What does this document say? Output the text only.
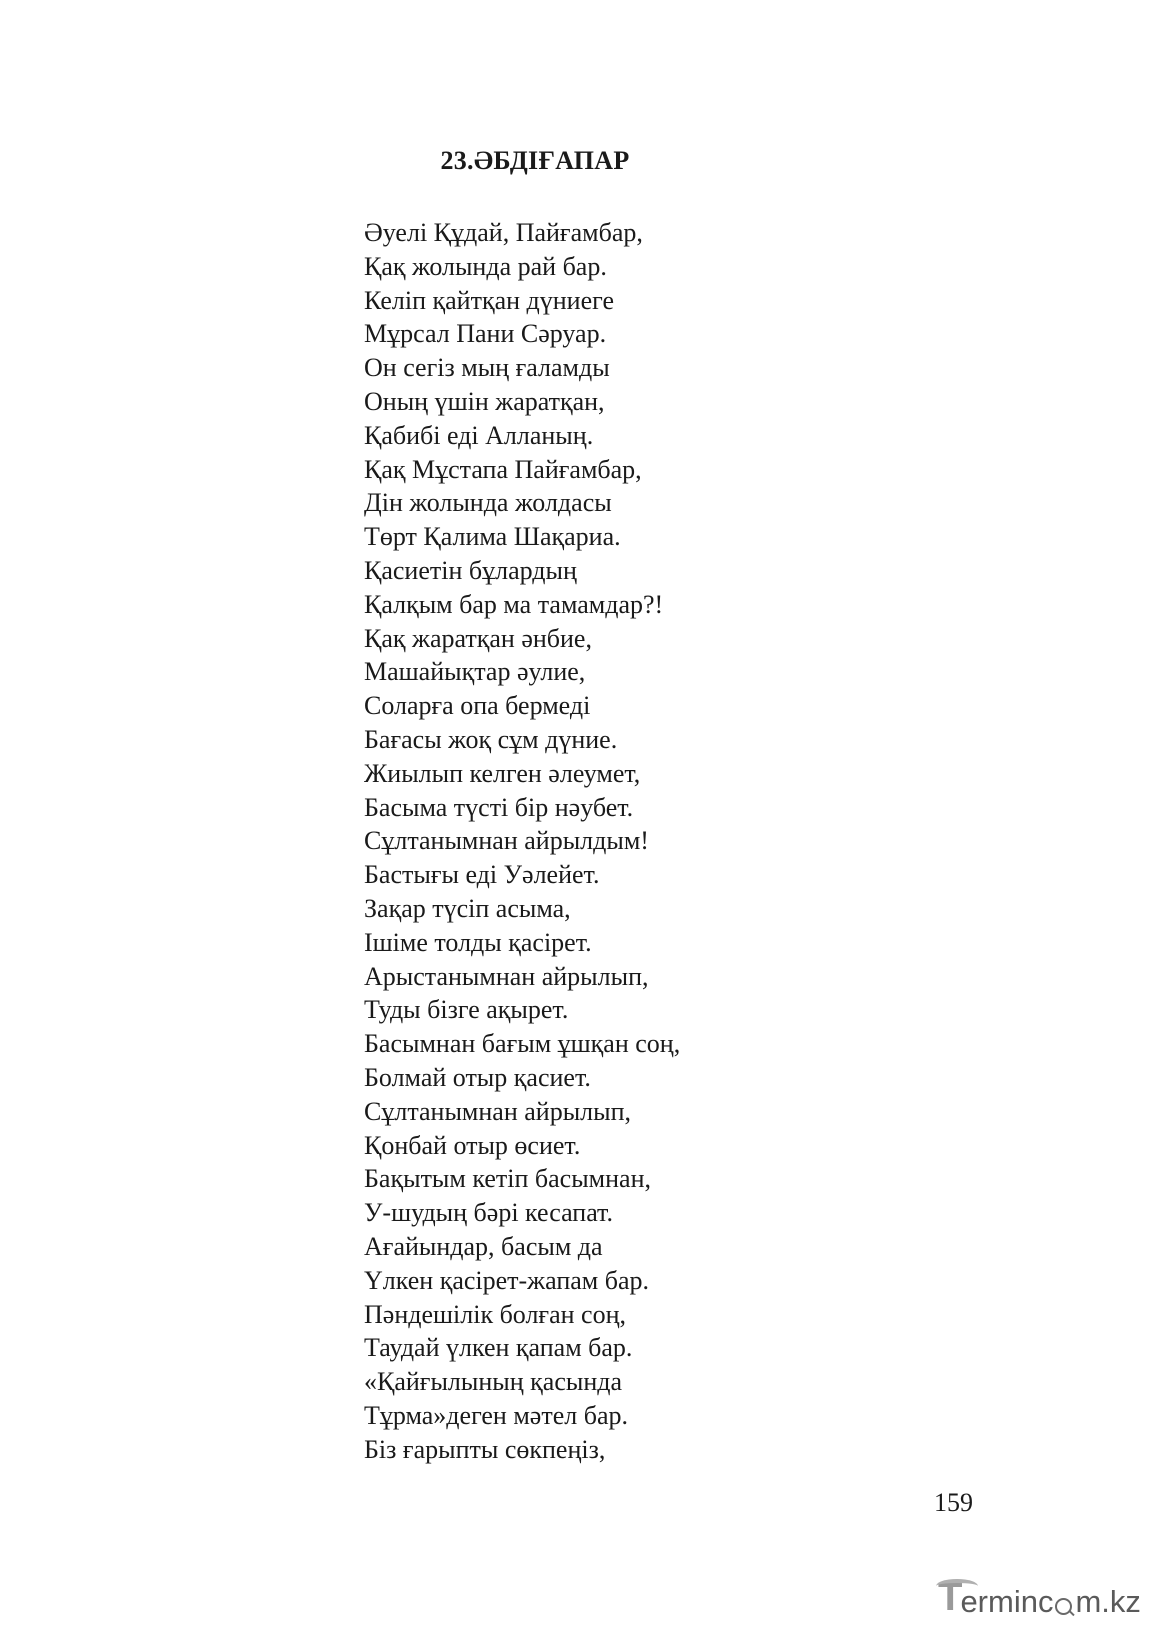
23.ӘБДІҒАПАР
Әуелі Құдай, Пайғамбар,
Қақ жолында рай бар.
Келіп қайтқан дүниеге
Мұрсал Пани Сәруар.
Он сегіз мың ғаламды
Оның үшін жаратқан,
Қабибі еді Алланың.
Қақ Мұстапа Пайғамбар,
Дін жолында жолдасы
Төрт Қалима Шақариа.
Қасиетін бұлардың
Қалқым бар ма тамамдар?!
Қақ жаратқан әнбие,
Машайықтар әулие,
Соларға опа бермеді
Бағасы жоқ сұм дүние.
Жиылып келген әлеумет,
Басыма түсті бір нәубет.
Сұлтанымнан айрылдым!
Бастығы еді Уәлейет.
Зақар түсіп асыма,
Ішіме толды қасірет.
Арыстанымнан айрылып,
Туды бізге ақырет.
Басымнан бағым ұшқан соң,
Болмай отыр қасиет.
Сұлтанымнан айрылып,
Қонбай отыр өсиет.
Бақытым кетіп басымнан,
У-шудың бәрі кесапат.
Ағайындар, басым да
Үлкен қасірет-жапам бар.
Пәндешілік болған соң,
Таудай үлкен қапам бар.
«Қайғылының қасында
Тұрма»деген мәтел бар.
Біз ғарыпты сөкпеңіз,
159
T
erminc m.kz
